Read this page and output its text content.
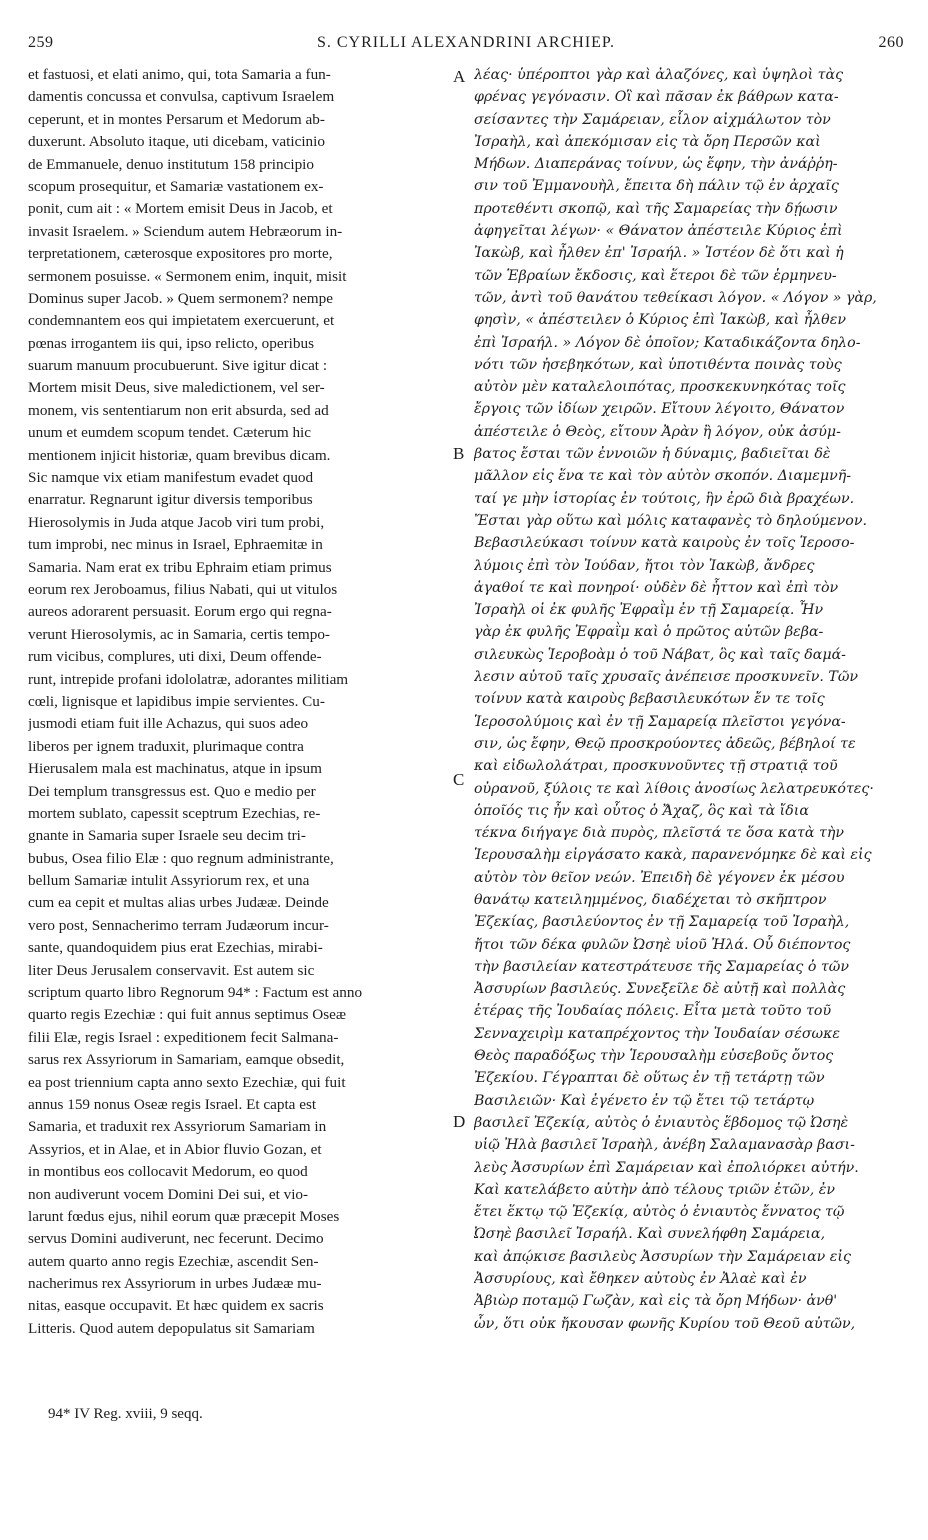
259	S. CYRILLI ALEXANDRINI ARCHIEP.	260
et fastuosi, et elati animo, qui, tota Samaria a fun-
damentis concussa et convulsa, captivum Israelem
ceperunt, et in montes Persarum et Medorum ab-
duxerunt. Absoluto itaque, uti dicebam, vaticinio
de Emmanuele, denuo institutum 158 principio
scopum prosequitur, et Samariæ vastationem ex-
ponit, cum ait : « Mortem emisit Deus in Jacob, et
invasit Israelem. » Sciendum autem Hebræorum in-
terpretationem, cæterosque expositores pro morte,
sermonem posuisse. « Sermonem enim, inquit, misit
Dominus super Jacob. » Quem sermonem? nempe
condemnantem eos qui impietatem exercuerunt, et
pœnas irrogantem iis qui, ipso relicto, operibus
suarum manuum procubuerunt. Sive igitur dicat :
Mortem misit Deus, sive maledictionem, vel ser-
monem, vis sententiarum non erit absurda, sed ad
unum et eumdem scopum tendet. Cæterum hic
mentionem injicit historiæ, quam brevibus dicam.
Sic namque vix etiam manifestum evadet quod
enarratur. Regnarunt igitur diversis temporibus
Hierosolymis in Juda atque Jacob viri tum probi,
tum improbi, nec minus in Israel, Ephraemitæ in
Samaria. Nam erat ex tribu Ephraim etiam primus
eorum rex Jeroboamus, filius Nabati, qui ut vitulos
aureos adorarent persuasit. Eorum ergo qui regna-
verunt Hierosolymis, ac in Samaria, certis tempo-
rum vicibus, complures, uti dixi, Deum offende-
runt, intrepide profani idololatræ, adorantes militiam
cœli, lignisque et lapidibus impie servientes. Cu-
jusmodi etiam fuit ille Achazus, qui suos adeo
liberos per ignem traduxit, plurimaque contra
Hierusalem mala est machinatus, atque in ipsum
Dei templum transgressus est. Quo e medio per
mortem sublato, capessit sceptrum Ezechias, re-
gnante in Samaria super Israele seu decim tri-
bubus, Osea filio Elæ : quo regnum administrante,
bellum Samariæ intulit Assyriorum rex, et una
cum ea cepit et multas alias urbes Judææ. Deinde
vero post, Sennacherimo terram Judæorum incur-
sante, quandoquidem pius erat Ezechias, mirabi-
liter Deus Jerusalem conservavit. Est autem sic
scriptum quarto libro Regnorum 94* : Factum est anno
quarto regis Ezechiæ : qui fuit annus septimus Oseæ
filii Elæ, regis Israel : expeditionem fecit Salmana-
sarus rex Assyriorum in Samariam, eamque obsedit,
ea post triennium capta anno sexto Ezechiæ, qui fuit
annus 159 nonus Oseæ regis Israel. Et capta est
Samaria, et traduxit rex Assyriorum Samariam in
Assyrios, et in Alae, et in Abior fluvio Gozan, et
in montibus eos collocavit Medorum, eo quod
non audiverunt vocem Domini Dei sui, et vio-
larunt fœdus ejus, nihil eorum quæ præcepit Moses
servus Domini audiverunt, nec fecerunt. Decimo
autem quarto anno regis Ezechiæ, ascendit Sen-
nacherimus rex Assyriorum in urbes Judææ mu-
nitas, easque occupavit. Et hæc quidem ex sacris
Litteris. Quod autem depopulatus sit Samariam
λέας· ὑπέροπτοι γὰρ καὶ ἀλαζόνες, καὶ ὑψηλοὶ τὰς
φρένας γεγόνασιν. Οἳ καὶ πᾶσαν ἐκ βάθρων κατα-
σείσαντες τὴν Σαμάρειαν, εἷλον αἰχμάλωτον τὸν
Ἰσραὴλ, καὶ ἀπεκόμισαν εἰς τὰ ὄρη Περσῶν καὶ
Μήδων. Διαπεράνας τοίνυν, ὡς ἔφην, τὴν ἀνάῤῥη-
σιν τοῦ Ἐμμανουὴλ, ἔπειτα δὴ πάλιν τῷ ἐν ἀρχαῖς
προτεθέντι σκοπῷ, καὶ τῆς Σαμαρείας τὴν δῄωσιν
ἀφηγεῖται λέγων· « Θάνατον ἀπέστειλε Κύριος ἐπὶ
Ἰακὼβ, καὶ ἦλθεν ἐπ' Ἰσραήλ. » Ἰστέον δὲ ὅτι καὶ ἡ
τῶν Ἑβραίων ἔκδοσις, καὶ ἕτεροι δὲ τῶν ἑρμηνευ-
τῶν, ἀντὶ τοῦ θανάτου τεθείκασι λόγον. « Λόγον » γὰρ,
φησὶν, « ἀπέστειλεν ὁ Κύριος ἐπὶ Ἰακὼβ, καὶ ἦλθεν
ἐπὶ Ἰσραήλ. » Λόγον δὲ ὁποῖον; Καταδικάζοντα δηλο-
νότι τῶν ἠσεβηκότων, καὶ ὑποτιθέντα ποινὰς τοὺς
αὐτὸν μὲν καταλελοιπότας, προσκεκυνηκότας τοῖς
ἔργοις τῶν ἰδίων χειρῶν. Εἴτουν λέγοιτο, Θάνατον
ἀπέστειλε ὁ Θεὸς, εἴτουν Ἀρὰν ἢ λόγον, οὐκ ἀσύμ-
βατος ἔσται τῶν ἐννοιῶν ἡ δύναμις, βαδιεῖται δὲ
μᾶλλον εἰς ἕνα τε καὶ τὸν αὐτὸν σκοπόν. Διαμεμνῆ-
ταί γε μὴν ἱστορίας ἐν τούτοις, ἣν ἐρῶ διὰ βραχέων.
Ἔσται γὰρ οὕτω καὶ μόλις καταφανὲς τὸ δηλούμενον.
Βεβασιλεύκασι τοίνυν κατὰ καιροὺς ἐν τοῖς Ἱεροσο-
λύμοις ἐπὶ τὸν Ἰούδαν, ἤτοι τὸν Ἰακὼβ, ἄνδρες
ἀγαθοί τε καὶ πονηροί· οὐδὲν δὲ ἧττον καὶ ἐπὶ τὸν
Ἰσραὴλ οἱ ἐκ φυλῆς Ἐφραῒμ ἐν τῇ Σαμαρείᾳ. Ἦν
γὰρ ἐκ φυλῆς Ἐφραῒμ καὶ ὁ πρῶτος αὐτῶν βεβα-
σιλευκὼς Ἱεροβοὰμ ὁ τοῦ Νάβατ, ὃς καὶ ταῖς δαμά-
λεσιν αὐτοῦ ταῖς χρυσαῖς ἀνέπεισε προσκυνεῖν. Τῶν
τοίνυν κατὰ καιροὺς βεβασιλευκότων ἔν τε τοῖς
Ἱεροσολύμοις καὶ ἐν τῇ Σαμαρείᾳ πλεῖστοι γεγόνα-
σιν, ὡς ἔφην, Θεῷ προσκρούοντες ἀδεῶς, βέβηλοί τε
καὶ εἰδωλολάτραι, προσκυνοῦντες τῇ στρατιᾷ τοῦ
οὐρανοῦ, ξύλοις τε καὶ λίθοις ἀνοσίως λελατρευκότες·
ὁποῖός τις ἦν καὶ οὗτος ὁ Ἄχαζ, ὃς καὶ τὰ ἴδια
τέκνα διήγαγε διὰ πυρὸς, πλεῖστά τε ὅσα κατὰ τὴν
Ἱερουσαλὴμ εἰργάσατο κακὰ, παρανενόμηκε δὲ καὶ εἰς
αὐτὸν τὸν θεῖον νεών. Ἐπειδὴ δὲ γέγονεν ἐκ μέσου
θανάτῳ κατειλημμένος, διαδέχεται τὸ σκῆπτρον
Ἐζεκίας, βασιλεύοντος ἐν τῇ Σαμαρείᾳ τοῦ Ἰσραὴλ,
ἤτοι τῶν δέκα φυλῶν Ὠσηὲ υἱοῦ Ἠλά. Οὗ διέποντος
τὴν βασιλείαν κατεστράτευσε τῆς Σαμαρείας ὁ τῶν
Ἀσσυρίων βασιλεύς. Συνεξεῖλε δὲ αὐτῇ καὶ πολλὰς
ἑτέρας τῆς Ἰουδαίας πόλεις. Εἶτα μετὰ τοῦτο τοῦ
Σενναχειρὶμ καταπρέχοντος τὴν Ἰουδαίαν σέσωκε
Θεὸς παραδόξως τὴν Ἱερουσαλὴμ εὐσεβοῦς ὄντος
Ἐζεκίου. Γέγραπται δὲ οὕτως ἐν τῇ τετάρτῃ τῶν
Βασιλειῶν· Καὶ ἐγένετο ἐν τῷ ἔτει τῷ τετάρτῳ
βασιλεῖ Ἐζεκίᾳ, αὐτὸς ὁ ἐνιαυτὸς ἕβδομος τῷ Ὠσηὲ
υἱῷ Ἠλὰ βασιλεῖ Ἰσραὴλ, ἀνέβη Σαλαμανασὰρ βασι-
λεὺς Ἀσσυρίων ἐπὶ Σαμάρειαν καὶ ἐπολιόρκει αὐτήν.
Καὶ κατελάβετο αὐτὴν ἀπὸ τέλους τριῶν ἐτῶν, ἐν
ἔτει ἕκτῳ τῷ Ἐζεκίᾳ, αὐτὸς ὁ ἐνιαυτὸς ἔννατος τῷ
Ὠσηὲ βασιλεῖ Ἰσραήλ. Καὶ συνελήφθη Σαμάρεια,
καὶ ἀπῴκισε βασιλεὺς Ἀσσυρίων τὴν Σαμάρειαν εἰς
Ἀσσυρίους, καὶ ἔθηκεν αὐτοὺς ἐν Ἀλαὲ καὶ ἐν
Ἀβιὼρ ποταμῷ Γωζὰν, καὶ εἰς τὰ ὄρη Μήδων· ἀνθ'
ὧν, ὅτι οὐκ ἤκουσαν φωνῆς Κυρίου τοῦ Θεοῦ αὐτῶν,
A
B
C
D
94* IV Reg. xviii, 9 seqq.
